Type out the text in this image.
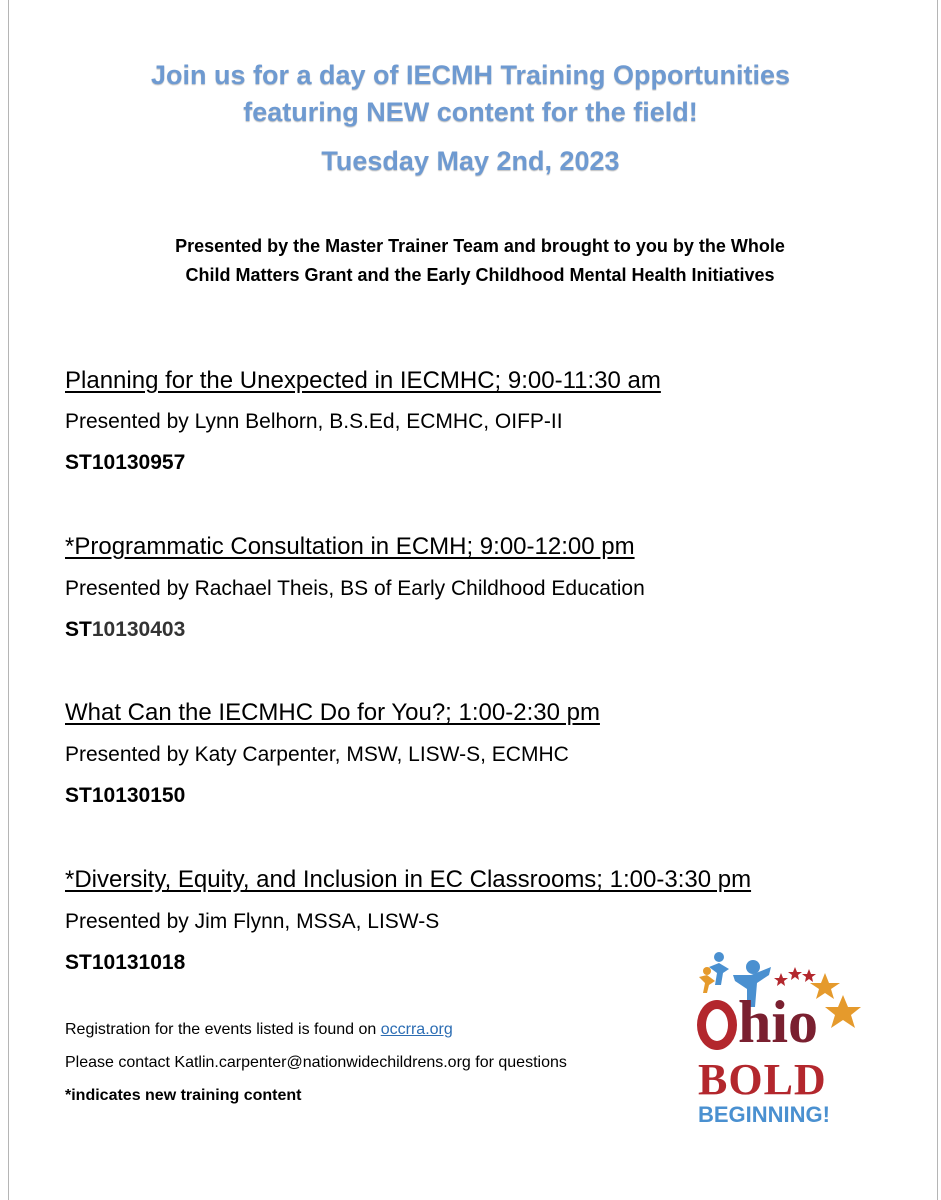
Join us for a day of IECMH Training Opportunities
featuring NEW content for the field!
Tuesday May 2nd, 2023
Presented by the Master Trainer Team and brought to you by the Whole
Child Matters Grant and the Early Childhood Mental Health Initiatives
Planning for the Unexpected in IECMHC; 9:00-11:30 am
Presented by Lynn Belhorn, B.S.Ed, ECMHC, OIFP-II
ST10130957
*Programmatic Consultation in ECMH; 9:00-12:00 pm
Presented by Rachael Theis, BS of Early Childhood Education
ST10130403
What Can the IECMHC Do for You?; 1:00-2:30 pm
Presented by Katy Carpenter, MSW, LISW-S, ECMHC
ST10130150
*Diversity, Equity, and Inclusion in EC Classrooms; 1:00-3:30 pm
Presented by Jim Flynn, MSSA, LISW-S
ST10131018
Registration for the events listed is found on occrra.org
Please contact Katlin.carpenter@nationwidechildrens.org for questions
*indicates new training content
hio
BOLD
BEGINNING!
